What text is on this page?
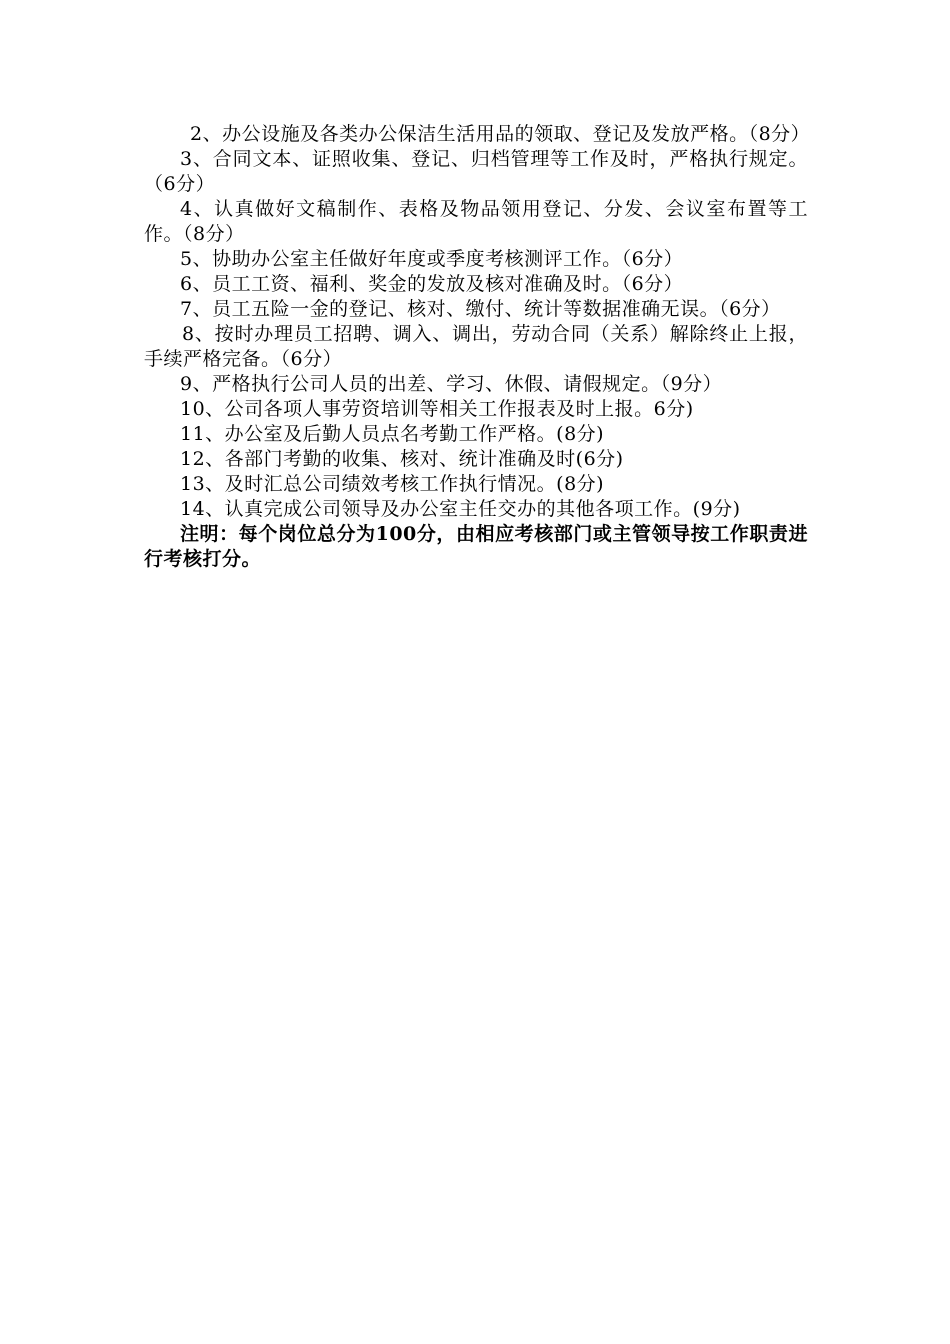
2、办公设施及各类办公保洁生活用品的领取、登记及发放严格。（8分）

3、合同文本、证照收集、登记、归档管理等工作及时，严格执行规定。（6分）

4、认真做好文稿制作、表格及物品领用登记、分发、会议室布置等工作。（8分）

5、协助办公室主任做好年度或季度考核测评工作。（6分）

6、员工工资、福利、奖金的发放及核对准确及时。（6分）

7、员工五险一金的登记、核对、缴付、统计等数据准确无误。（6分）

8、按时办理员工招聘、调入、调出，劳动合同（关系）解除终止上报，手续严格完备。（6分）

9、严格执行公司人员的出差、学习、休假、请假规定。（9分）

10、公司各项人事劳资培训等相关工作报表及时上报。6分)

11、办公室及后勤人员点名考勤工作严格。(8分)

12、各部门考勤的收集、核对、统计准确及时(6分)

13、及时汇总公司绩效考核工作执行情况。(8分)

14、认真完成公司领导及办公室主任交办的其他各项工作。(9分)

注明：每个岗位总分为100分，由相应考核部门或主管领导按工作职责进行考核打分。
